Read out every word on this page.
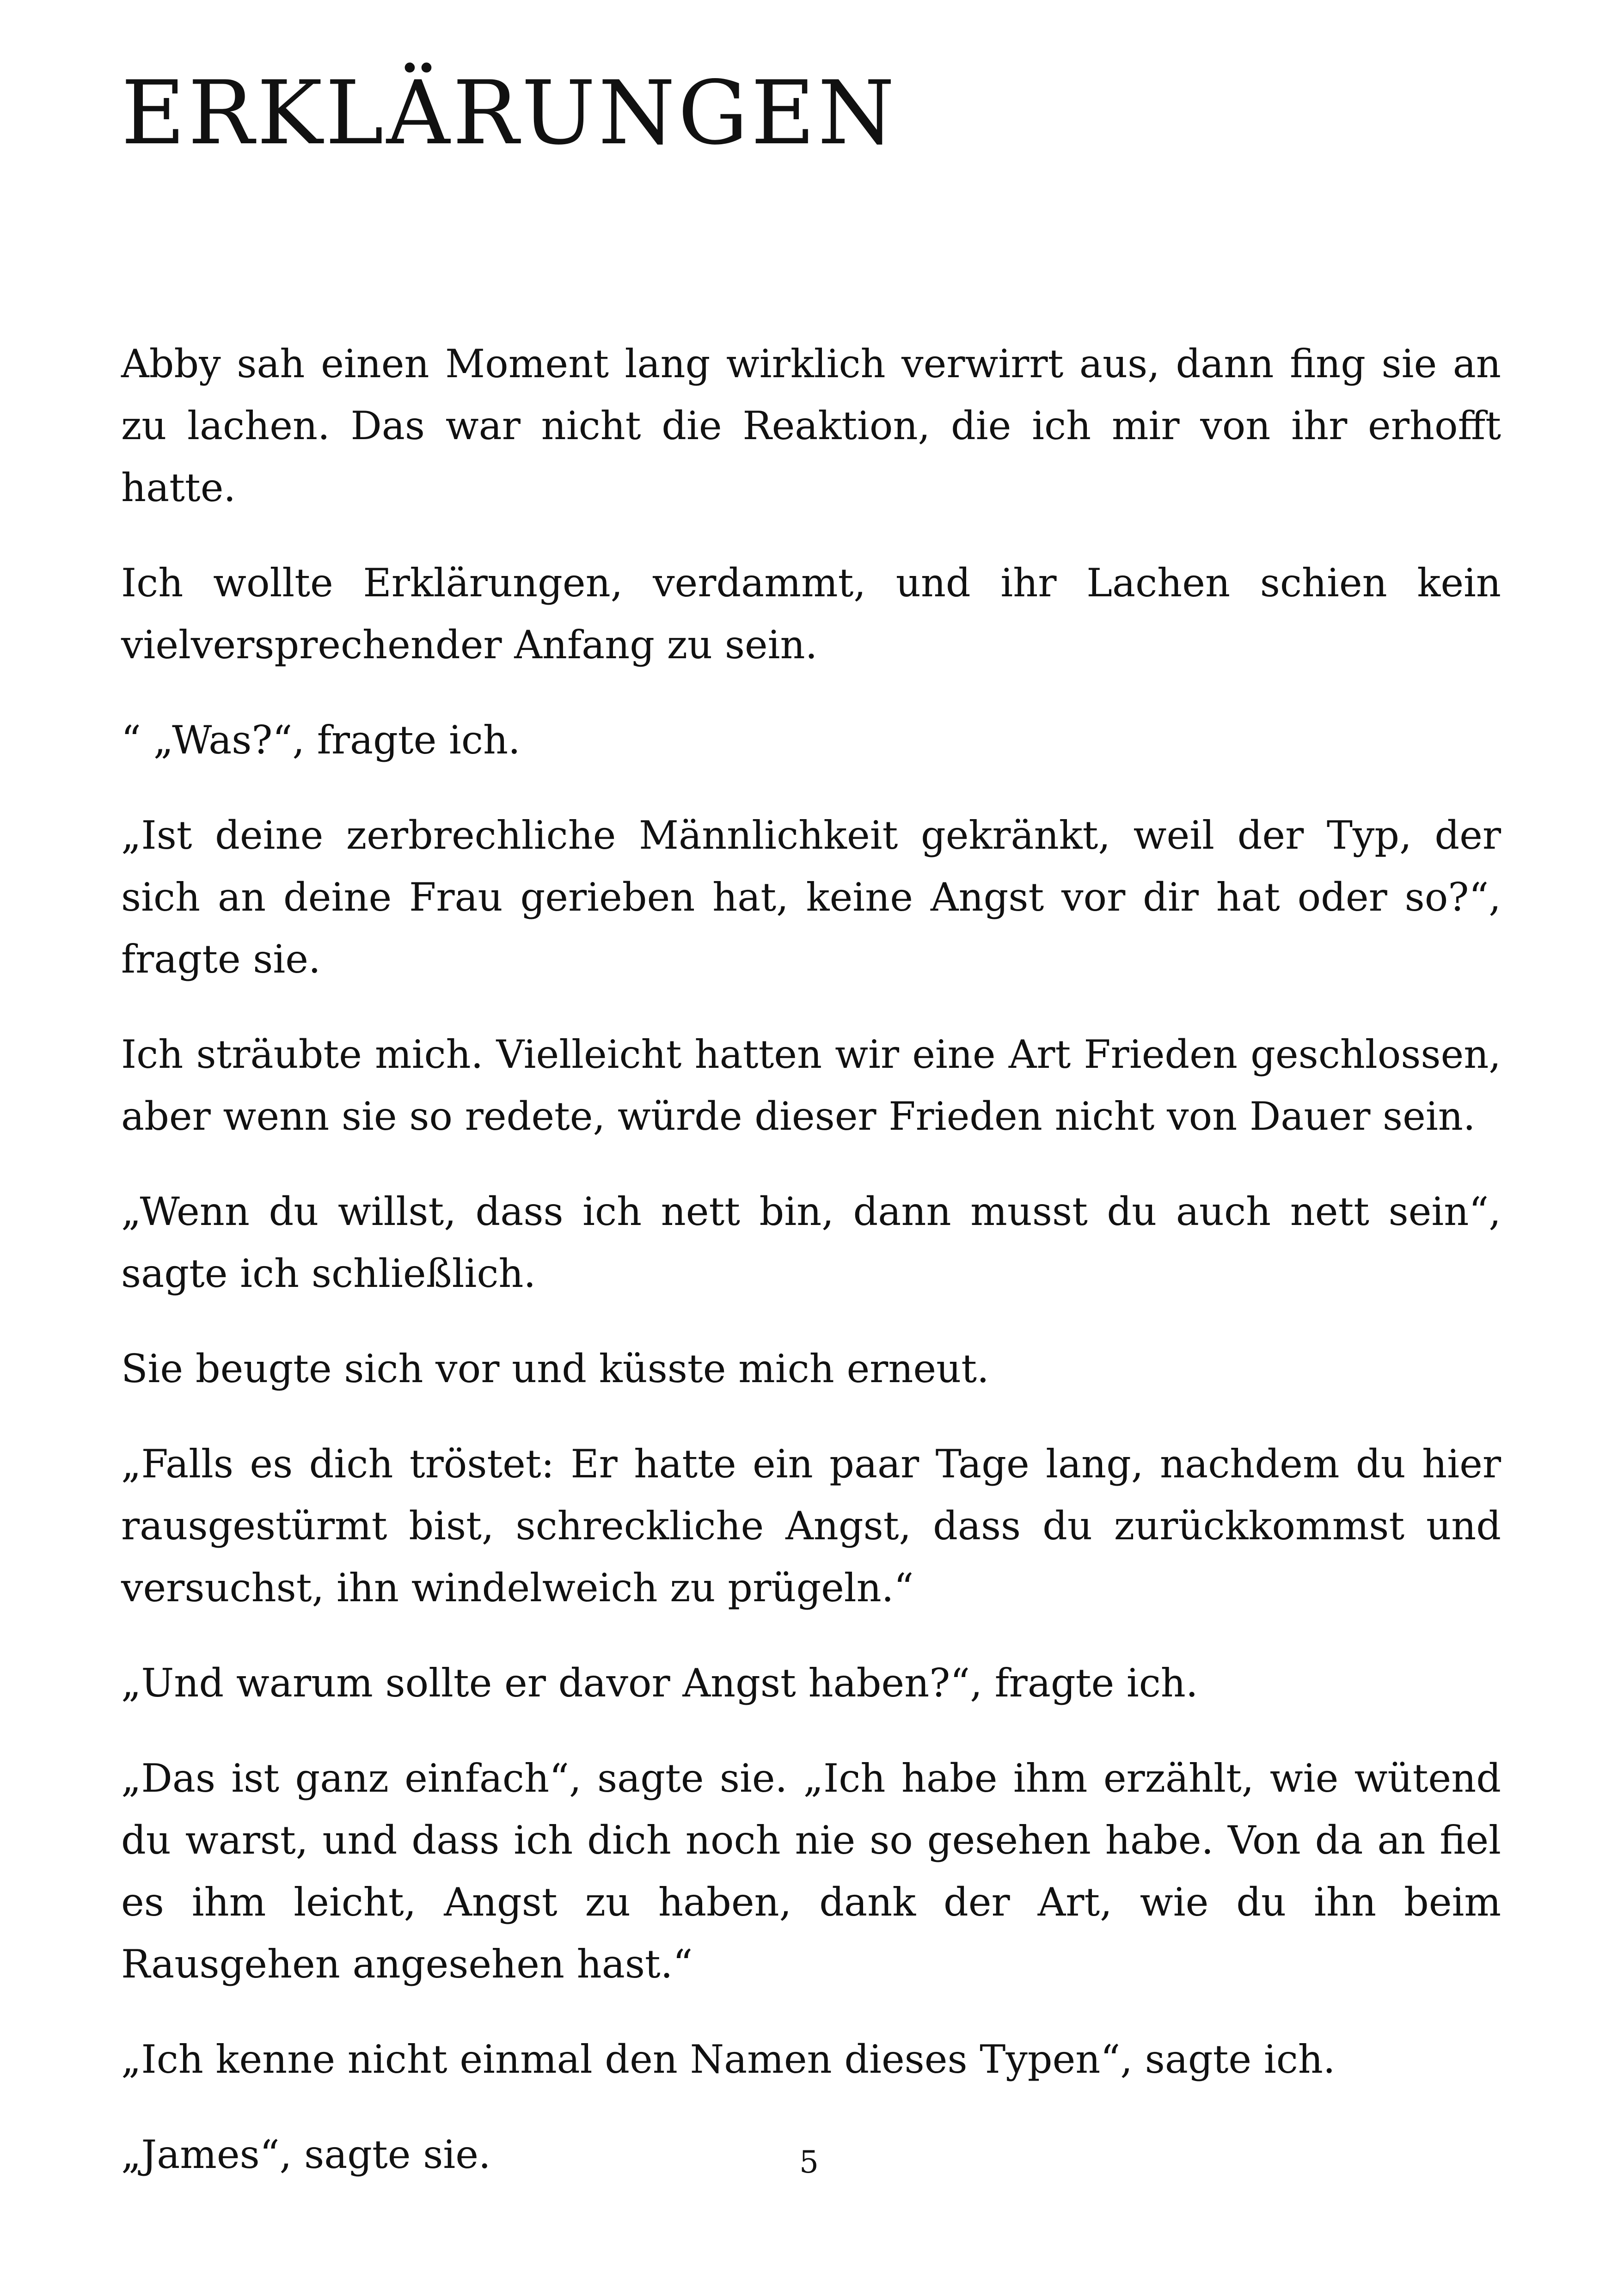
ERKLÄRUNGEN

Abby sah einen Moment lang wirklich verwirrt aus, dann fing sie an zu lachen. Das war nicht die Reaktion, die ich mir von ihr erhofft hatte.

Ich wollte Erklärungen, verdammt, und ihr Lachen schien kein vielversprechender Anfang zu sein.

“ „Was?“, fragte ich.

„Ist deine zerbrechliche Männlichkeit gekränkt, weil der Typ, der sich an deine Frau gerieben hat, keine Angst vor dir hat oder so?“, fragte sie.

Ich sträubte mich. Vielleicht hatten wir eine Art Frieden geschlossen, aber wenn sie so redete, würde dieser Frieden nicht von Dauer sein.

„Wenn du willst, dass ich nett bin, dann musst du auch nett sein“, sagte ich schließlich.

Sie beugte sich vor und küsste mich erneut.

„Falls es dich tröstet: Er hatte ein paar Tage lang, nachdem du hier rausgestürmt bist, schreckliche Angst, dass du zurückkommst und versuchst, ihn windelweich zu prügeln.“

„Und warum sollte er davor Angst haben?“, fragte ich.

„Das ist ganz einfach“, sagte sie. „Ich habe ihm erzählt, wie wütend du warst, und dass ich dich noch nie so gesehen habe. Von da an fiel es ihm leicht, Angst zu haben, dank der Art, wie du ihn beim Rausgehen angesehen hast.“

„Ich kenne nicht einmal den Namen dieses Typen“, sagte ich.

„James“, sagte sie.	5
